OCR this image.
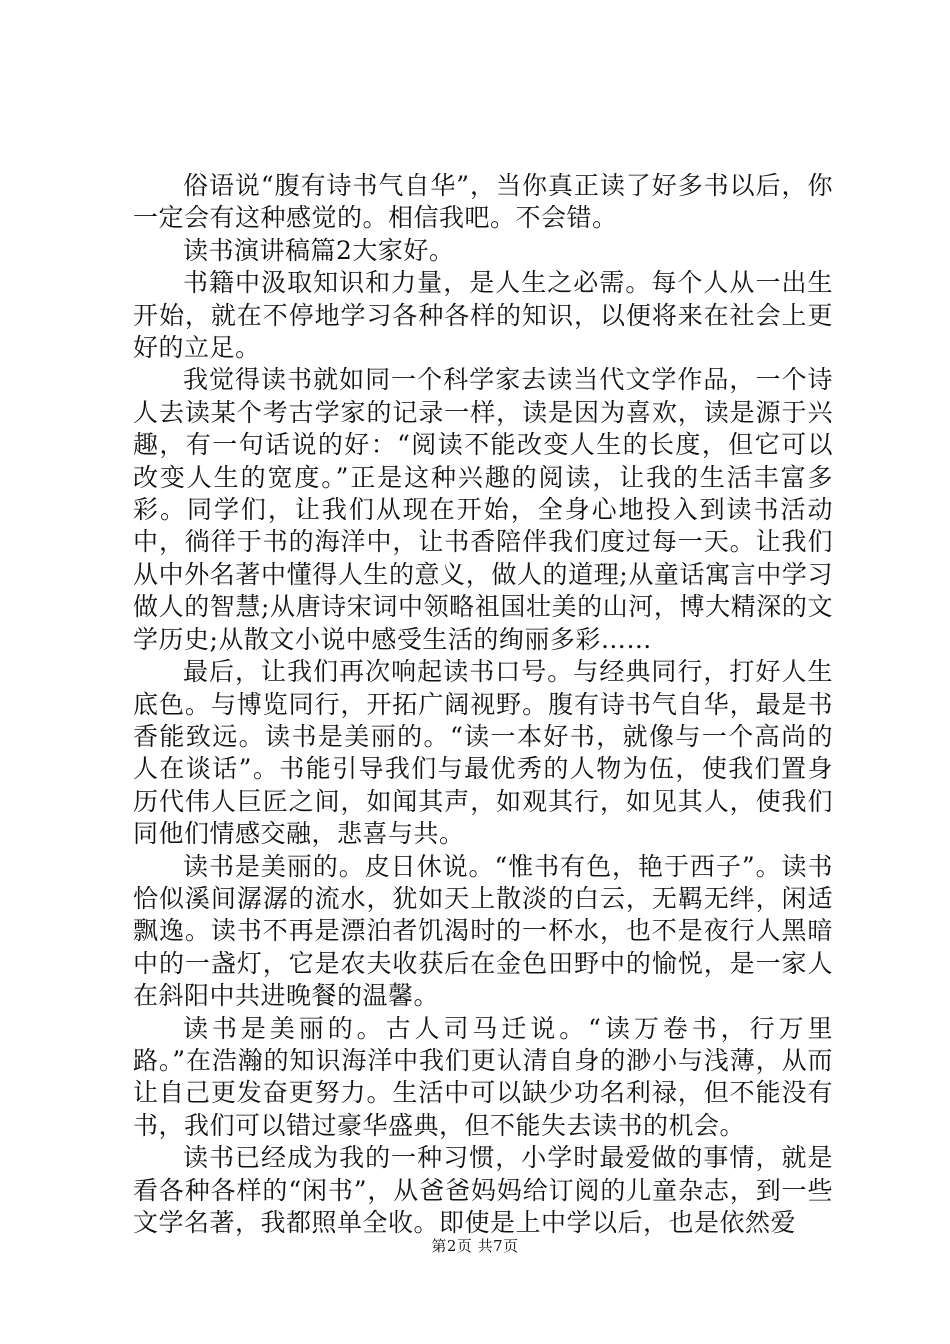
俗语说“腹有诗书气自华”，当你真正读了好多书以后，你一定会有这种感觉的。相信我吧。不会错。

读书演讲稿篇2大家好。

书籍中汲取知识和力量，是人生之必需。每个人从一出生开始，就在不停地学习各种各样的知识，以便将来在社会上更好的立足。

我觉得读书就如同一个科学家去读当代文学作品，一个诗人去读某个考古学家的记录一样，读是因为喜欢，读是源于兴趣，有一句话说的好：“阅读不能改变人生的长度，但它可以改变人生的宽度。”正是这种兴趣的阅读，让我的生活丰富多彩。同学们，让我们从现在开始，全身心地投入到读书活动中，徜徉于书的海洋中，让书香陪伴我们度过每一天。让我们从中外名著中懂得人生的意义，做人的道理;从童话寓言中学习做人的智慧;从唐诗宋词中领略祖国壮美的山河，博大精深的文学历史;从散文小说中感受生活的绚丽多彩……

最后，让我们再次响起读书口号。与经典同行，打好人生底色。与博览同行，开拓广阔视野。腹有诗书气自华，最是书香能致远。读书是美丽的。“读一本好书，就像与一个高尚的人在谈话”。书能引导我们与最优秀的人物为伍，使我们置身历代伟人巨匠之间，如闻其声，如观其行，如见其人，使我们同他们情感交融，悲喜与共。

读书是美丽的。皮日休说。“惟书有色，艳于西子”。读书恰似溪间潺潺的流水，犹如天上散淡的白云，无羁无绊，闲适飘逸。读书不再是漂泊者饥渴时的一杯水，也不是夜行人黑暗中的一盏灯，它是农夫收获后在金色田野中的愉悦，是一家人在斜阳中共进晚餐的温馨。

读书是美丽的。古人司马迁说。“读万卷书，行万里路。”在浩瀚的知识海洋中我们更认清自身的渺小与浅薄，从而让自己更发奋更努力。生活中可以缺少功名利禄，但不能没有书，我们可以错过豪华盛典，但不能失去读书的机会。

读书已经成为我的一种习惯，小学时最爱做的事情，就是看各种各样的“闲书”，从爸爸妈妈给订阅的儿童杂志，到一些文学名著，我都照单全收。即使是上中学以后，也是依然爱

第2页 共7页
